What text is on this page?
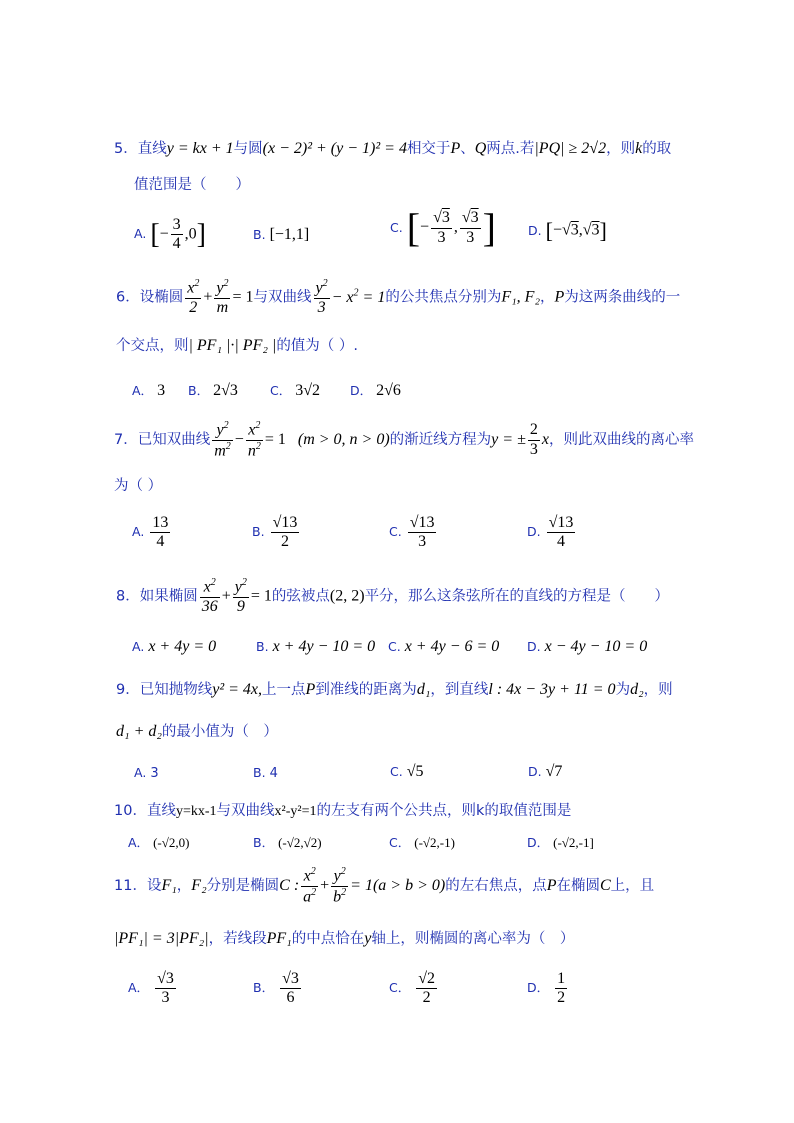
5．直线y = kx + 1与圆(x − 2)² + (y − 1)² = 4相交于P、Q两点.若|PQ| ≥ 2√2，则k的取
值范围是（　　）
A. [− $\frac{3}{4} ,0$]	B. [−1,1]	C. [− $\frac{√3}{3}$ , $\frac{√3}{3}$ ]	D. [−√3,√3]
6．设椭圆 $\frac{x^2}{2} + \frac{y^2}{m} = 1$与双曲线 $\frac{y^2}{3} - x^2 = 1$的公共焦点分别为F₁, F₂，P为这两条曲线的一
个交点，则| PF₁ |·| PF₂ |的值为（ ）.
A． 3 B． 2√3	C． 3√2 D． 2√6
7．已知双曲线 $\frac{y^2}{m^2} - \frac{x^2}{n^2} = 1$   (m > 0, n > 0)的渐近线方程为y = ± $\frac{2}{3}$ x，则此双曲线的离心率
为（ ）
A. $\frac{13}{4}$	B. $\frac{√13}{2}$	C. $\frac{√13}{3}$	D. $\frac{√13}{4}$
8．如果椭圆 $\frac{x^2}{36} + \frac{y^2}{9} = 1$的弦被点(2, 2)平分，那么这条弦所在的直线的方程是（　　）
A. x + 4y = 0	B. x + 4y − 10 = 0 C. x + 4y − 6 = 0 D. x − 4y − 10 = 0
9．已知抛物线y² = 4x,上一点P到准线的距离为d₁，到直线l : 4x − 3y + 11 = 0为d₂，则
d₁ + d₂的最小值为（　）
A. 3	B. 4	C. √5	D. √7
10．直线y=kx-1与双曲线x²-y²=1的左支有两个公共点，则k的取值范围是
A． (-√2,0)	B． (-√2,√2)	C． (-√2,-1)	D． (-√2,-1]
11．设F₁，F₂分别是椭圆C : $\frac{x^2}{a^2} + \frac{y^2}{b^2} = 1(a > b > 0)$的左右焦点，点P在椭圆C上，且
|PF₁| = 3|PF₂|，若线段PF₁的中点恰在y轴上，则椭圆的离心率为（　）
A． $\frac{√3}{3}$	B． $\frac{√3}{6}$	C． $\frac{√2}{2}$	D． $\frac{1}{2}$
